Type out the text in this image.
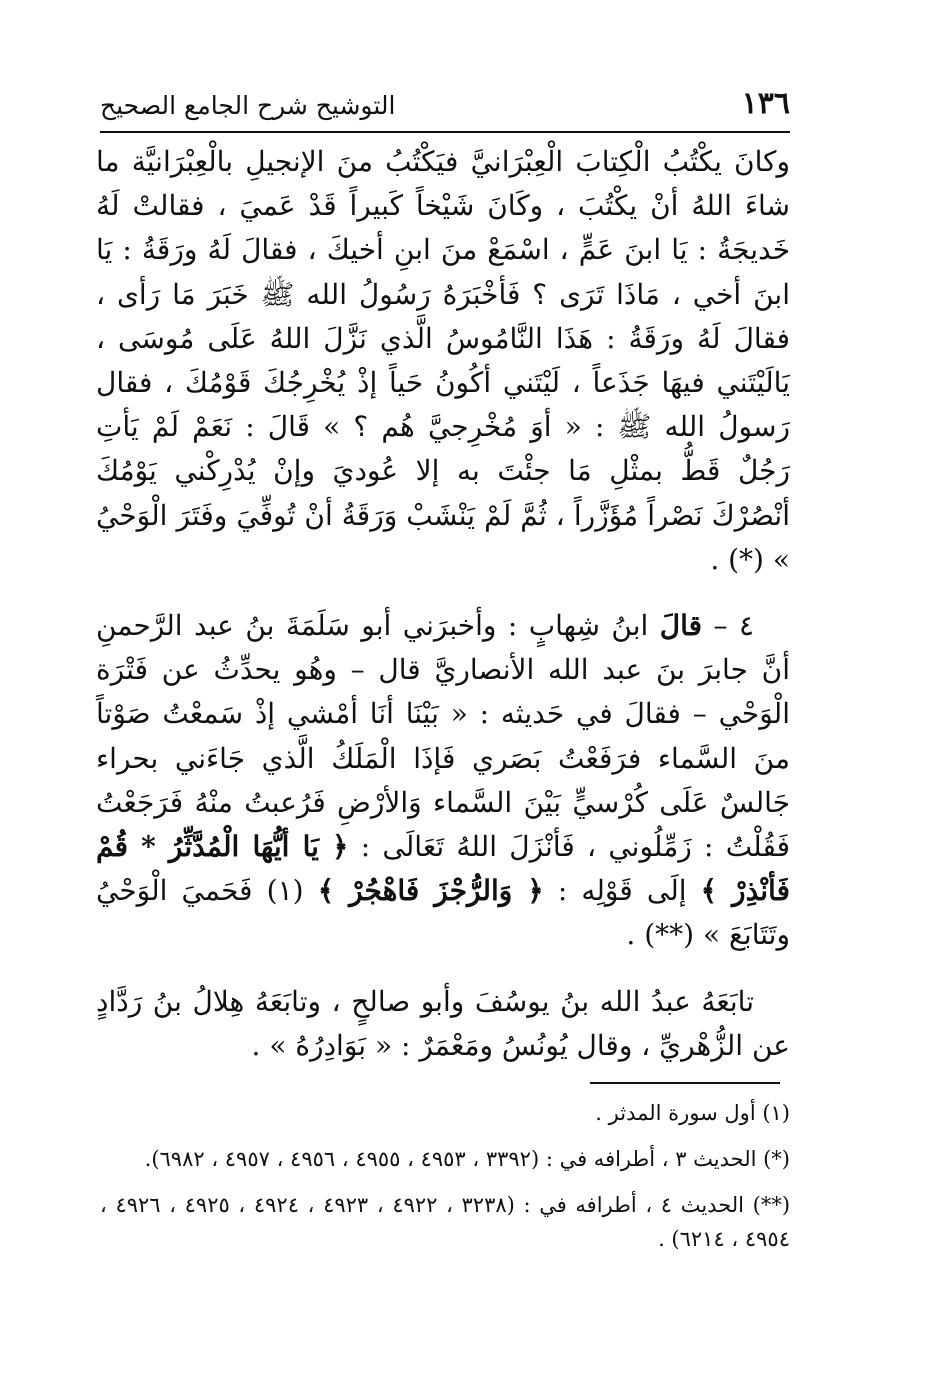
١٣٦
التوشيح شرح الجامع الصحيح

وكانَ يكْتُبُ الْكِتابَ الْعِبْرَانيَّ فيَكْتُبُ منَ الإنجيلِ بالْعِبْرَانيَّة ما شاءَ اللهُ أنْ يكْتُبَ ، وكَانَ شَيْخاً كَبيراً قَدْ عَميَ ، فقالتْ لَهُ خَديجَةُ : يَا ابنَ عَمٍّ ، اسْمَعْ منَ ابنِ أخيكَ ، فقالَ لَهُ ورَقَةُ : يَا ابنَ أخي ، مَاذَا تَرَى ؟ فَأخْبَرَهُ رَسُولُ الله ﷺ خَبَرَ مَا رَأى ، فقالَ لَهُ ورَقَةُ : هَذَا النَّامُوسُ الَّذي نَزَّلَ اللهُ عَلَى مُوسَى ، يَالَيْتَني فيهَا جَذَعاً ، لَيْتَني أكُونُ حَياً إذْ يُخْرِجُكَ قَوْمُكَ ، فقال رَسولُ الله ﷺ : « أوَ مُخْرِجيَّ هُم ؟ » قَالَ : نَعَمْ لَمْ يَأتِ رَجُلٌ قَطُّ بمثْلِ مَا جئْتَ به إلا عُوديَ وإنْ يُدْرِكْني يَوْمُكَ أنْصُرْكَ نَصْراً مُؤَزَّراً ، ثُمَّ لَمْ يَنْشَبْ وَرَقَةُ أنْ تُوفِّيَ وفَتَرَ الْوَحْيُ » (*) .

٤ – قالَ ابنُ شِهابٍ : وأخبرَني أبو سَلَمَةَ بنُ عبد الرَّحمنِ أنَّ جابرَ بنَ عبد الله الأنصاريَّ قال – وهُو يحدِّثُ عن فَتْرَة الْوَحْي – فقالَ في حَديثه : « بَيْنَا أنَا أمْشي إذْ سَمعْتُ صَوْتاً منَ السَّماء فرَفَعْتُ بَصَري فَإذَا الْمَلَكُ الَّذي جَاءَني بحراء جَالسٌ عَلَى كُرْسيٍّ بَيْنَ السَّماء وَالأرْضِ فَرُعبتُ منْهُ فَرَجَعْتُ فَقُلْتُ : زَمِّلُوني ، فَأنْزَلَ اللهُ تَعَالَى : ﴿ يَا أيُّهَا الْمُدَّثِّرُ * قُمْ فَأنْذِرْ ﴾ إلَى قَوْلِه : ﴿ وَالرُّجْزَ فَاهْجُرْ ﴾ (١) فَحَميَ الْوَحْيُ وتَتَابَعَ » (**) .

تابَعَهُ عبدُ الله بنُ يوسُفَ وأبو صالحٍ ، وتابَعَهُ هِلالُ بنُ رَدَّادٍ عن الزُّهْريِّ ، وقال يُونُسُ ومَعْمَرٌ : « بَوَادِرُهُ » .

(١) أول سورة المدثر .

(*) الحديث ٣ ، أطرافه في : (٣٣٩٢ ، ٤٩٥٣ ، ٤٩٥٥ ، ٤٩٥٦ ، ٤٩٥٧ ، ٦٩٨٢).

(**) الحديث ٤ ، أطرافه في : (٣٢٣٨ ، ٤٩٢٢ ، ٤٩٢٣ ، ٤٩٢٤ ، ٤٩٢٥ ، ٤٩٢٦ ، ٤٩٥٤ ، ٦٢١٤) .
